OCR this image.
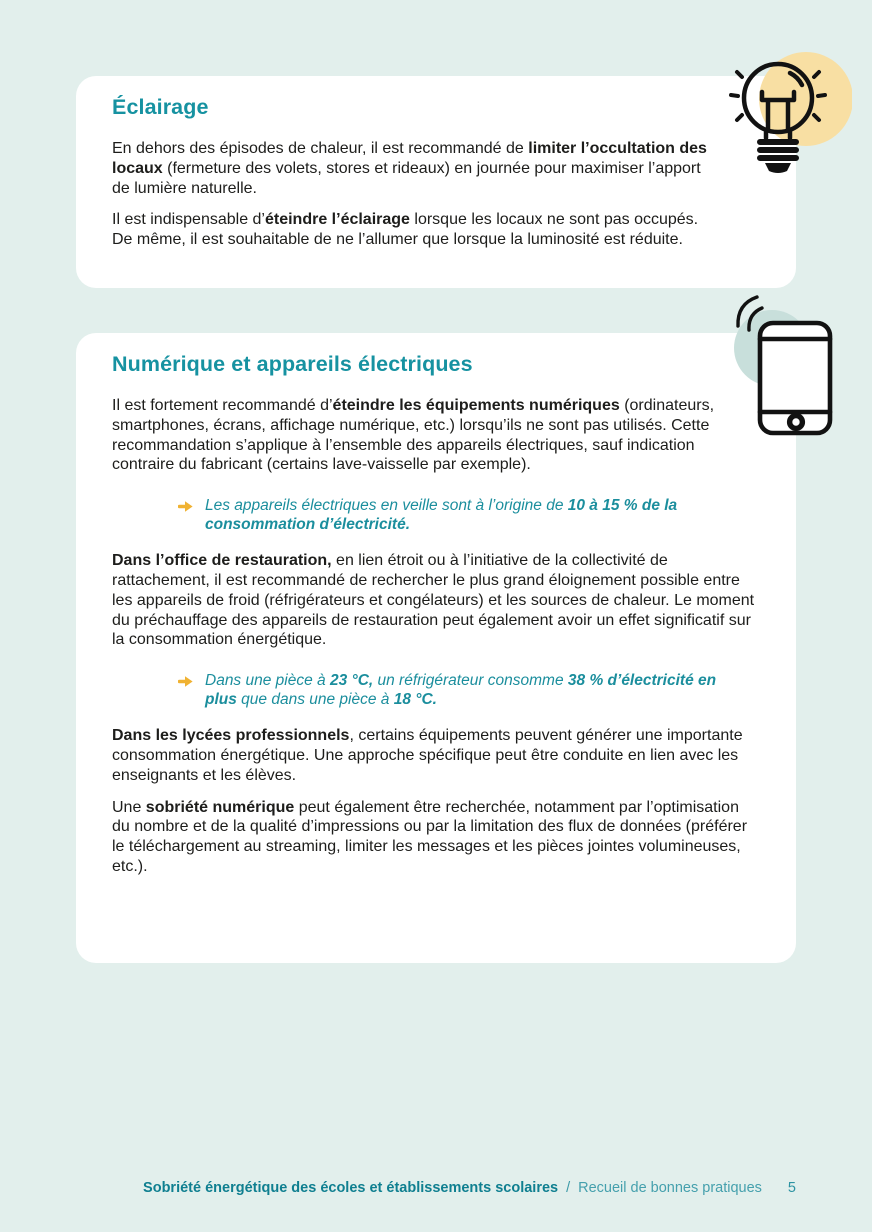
Éclairage

En dehors des épisodes de chaleur, il est recommandé de limiter l’occultation des locaux (fermeture des volets, stores et rideaux) en journée pour maximiser l’apport de lumière naturelle.

Il est indispensable d’éteindre l’éclairage lorsque les locaux ne sont pas occupés. De même, il est souhaitable de ne l’allumer que lorsque la luminosité est réduite.

Numérique et appareils électriques

Il est fortement recommandé d’éteindre les équipements numériques (ordinateurs, smartphones, écrans, affichage numérique, etc.) lorsqu’ils ne sont pas utilisés. Cette recommandation s’applique à l’ensemble des appareils électriques, sauf indication contraire du fabricant (certains lave-vaisselle par exemple).

Les appareils électriques en veille sont à l’origine de 10 à 15 % de la consommation d’électricité.

Dans l’office de restauration, en lien étroit ou à l’initiative de la collectivité de rattachement, il est recommandé de rechercher le plus grand éloignement possible entre les appareils de froid (réfrigérateurs et congélateurs) et les sources de chaleur. Le moment du préchauffage des appareils de restauration peut également avoir un effet significatif sur la consommation énergétique.

Dans une pièce à 23 °C, un réfrigérateur consomme 38 % d’électricité en plus que dans une pièce à 18 °C.

Dans les lycées professionnels, certains équipements peuvent générer une importante consommation énergétique. Une approche spécifique peut être conduite en lien avec les enseignants et les élèves.

Une sobriété numérique peut également être recherchée, notamment par l’optimisation du nombre et de la qualité d’impressions ou par la limitation des flux de données (préférer le téléchargement au streaming, limiter les messages et les pièces jointes volumineuses, etc.).

Sobriété énergétique des écoles et établissements scolaires / Recueil de bonnes pratiques 5
